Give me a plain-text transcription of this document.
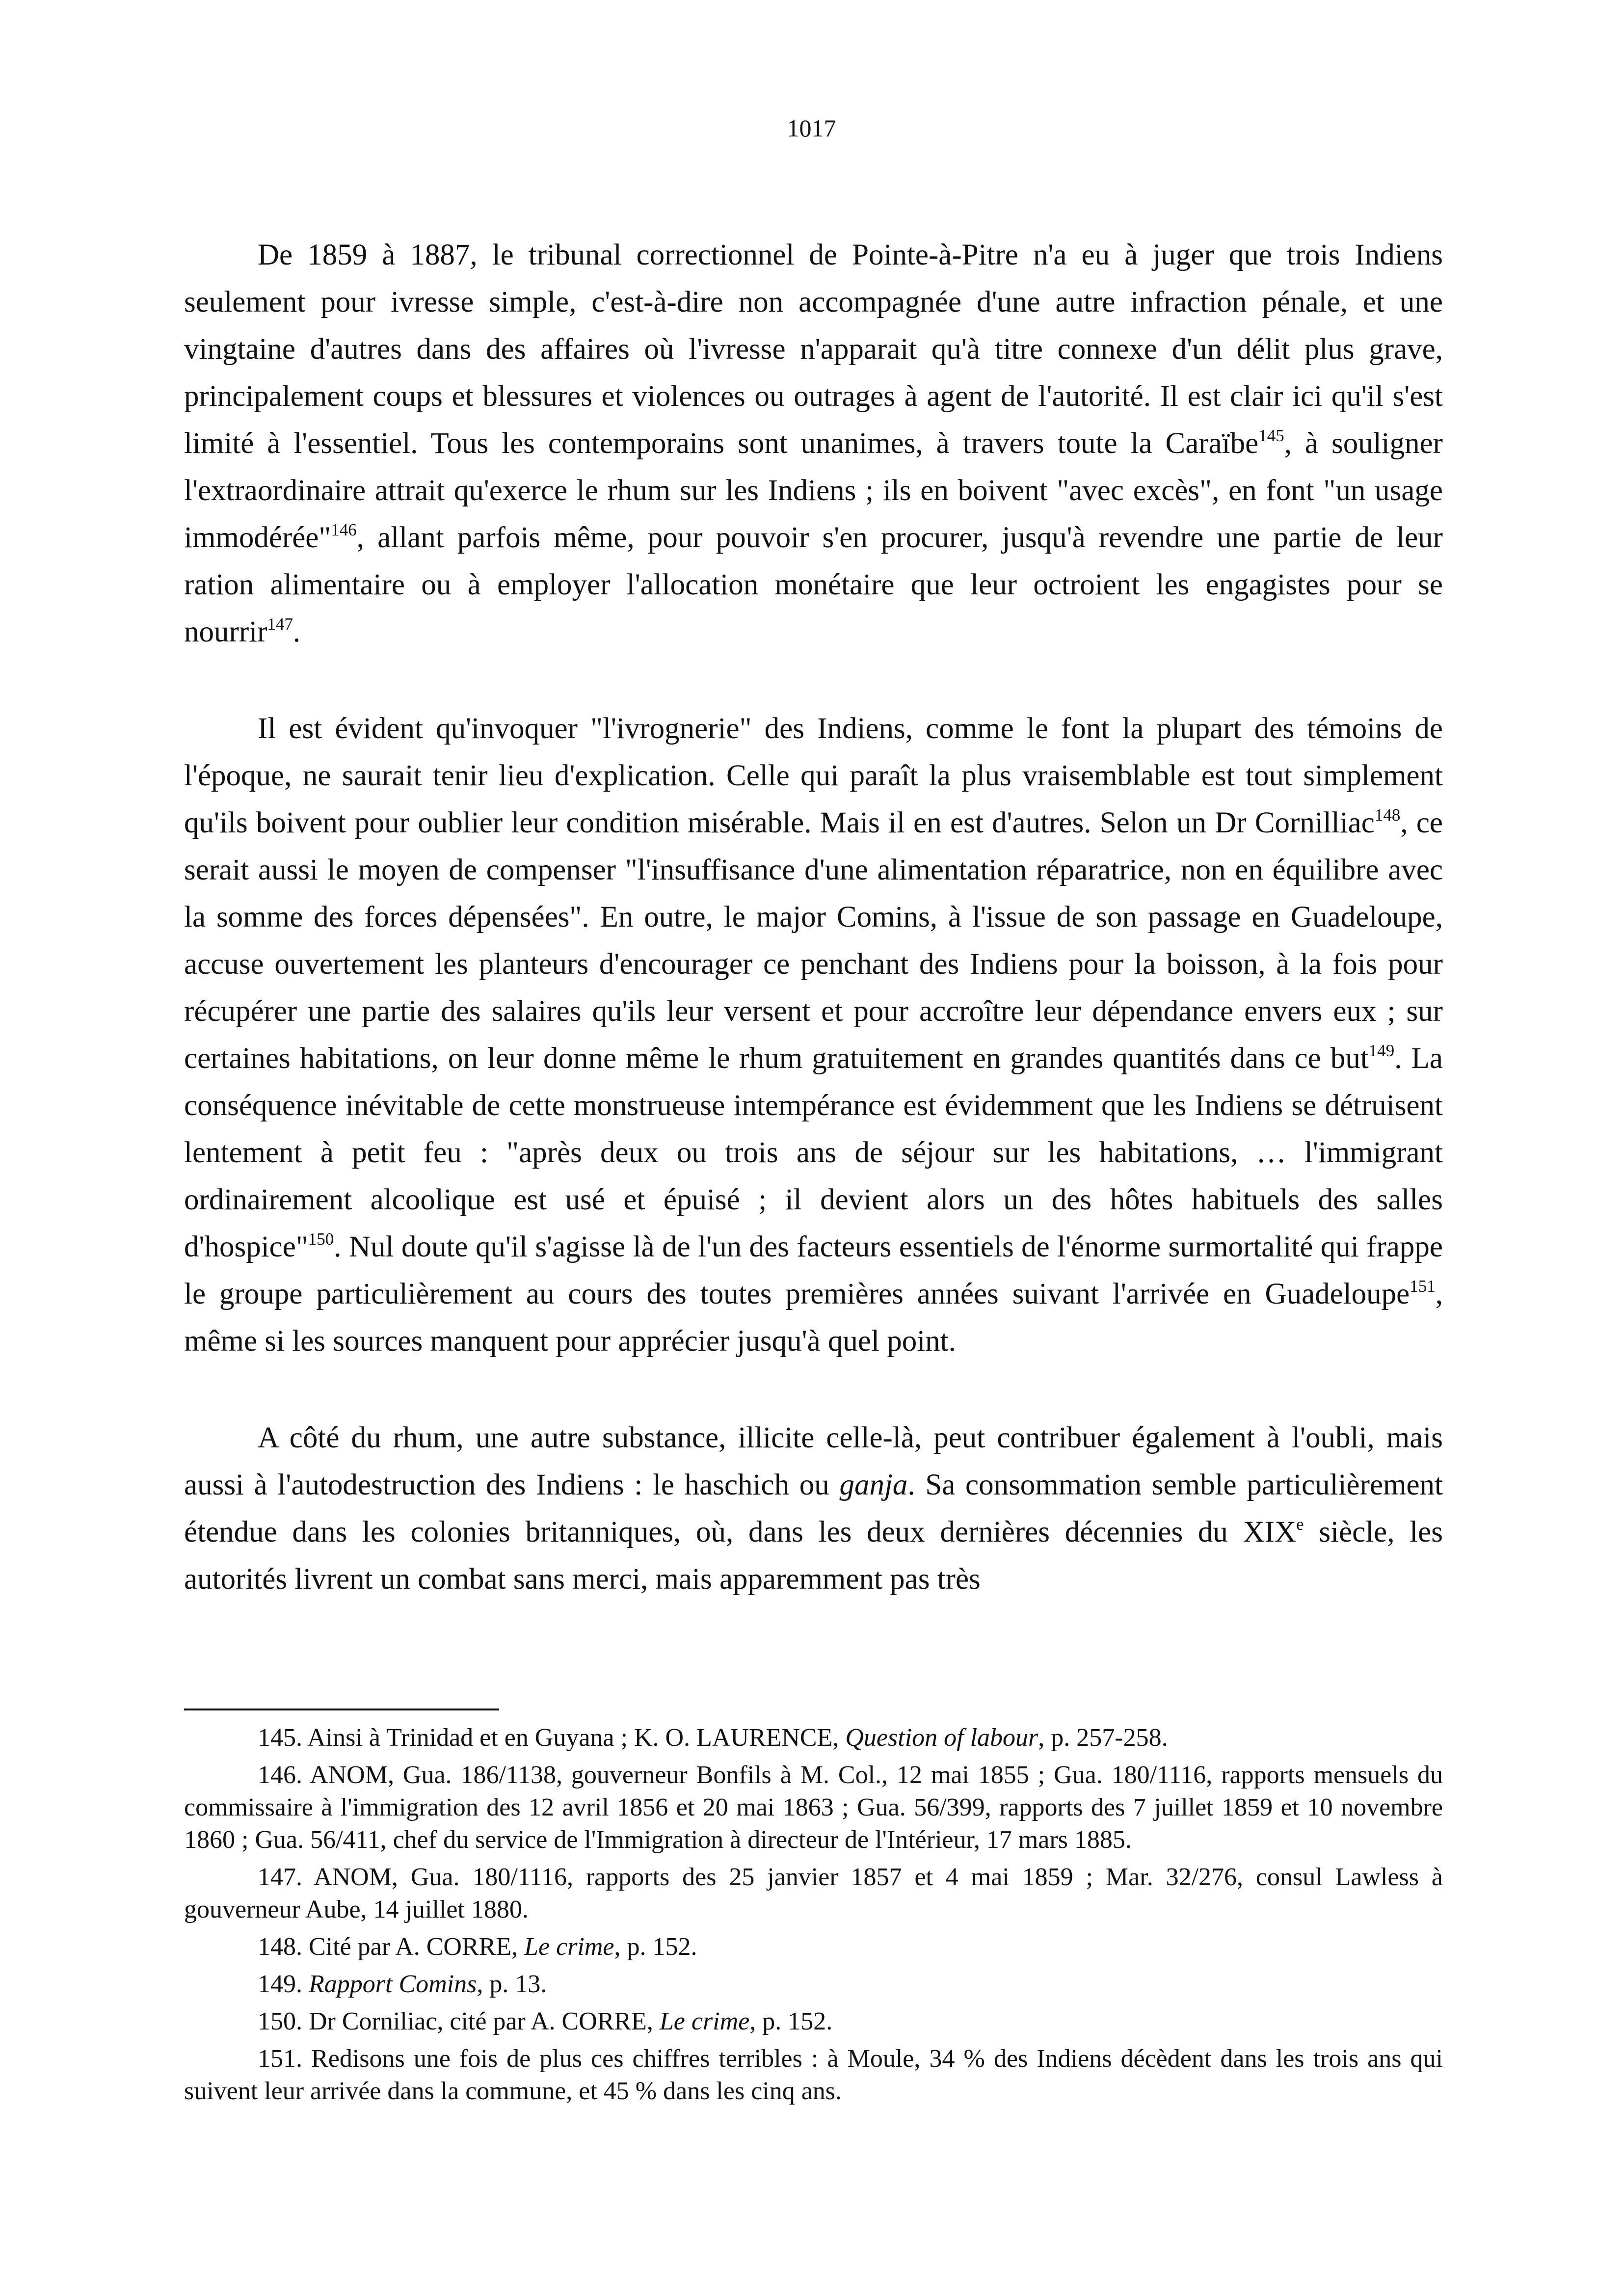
1017

De 1859 à 1887, le tribunal correctionnel de Pointe-à-Pitre n'a eu à juger que trois Indiens seulement pour ivresse simple, c'est-à-dire non accompagnée d'une autre infraction pénale, et une vingtaine d'autres dans des affaires où l'ivresse n'apparait qu'à titre connexe d'un délit plus grave, principalement coups et blessures et violences ou outrages à agent de l'autorité. Il est clair ici qu'il s'est limité à l'essentiel. Tous les contemporains sont unanimes, à travers toute la Caraïbe$^{145}$, à souligner l'extraordinaire attrait qu'exerce le rhum sur les Indiens ; ils en boivent "avec excès", en font "un usage immodérée"$^{146}$, allant parfois même, pour pouvoir s'en procurer, jusqu'à revendre une partie de leur ration alimentaire ou à employer l'allocation monétaire que leur octroient les engagistes pour se nourrir$^{147}$.

Il est évident qu'invoquer "l'ivrognerie" des Indiens, comme le font la plupart des témoins de l'époque, ne saurait tenir lieu d'explication. Celle qui paraît la plus vraisemblable est tout simplement qu'ils boivent pour oublier leur condition misérable. Mais il en est d'autres. Selon un Dr Cornilliac$^{148}$, ce serait aussi le moyen de compenser "l'insuffisance d'une alimentation réparatrice, non en équilibre avec la somme des forces dépensées". En outre, le major Comins, à l'issue de son passage en Guadeloupe, accuse ouvertement les planteurs d'encourager ce penchant des Indiens pour la boisson, à la fois pour récupérer une partie des salaires qu'ils leur versent et pour accroître leur dépendance envers eux ; sur certaines habitations, on leur donne même le rhum gratuitement en grandes quantités dans ce but$^{149}$. La conséquence inévitable de cette monstrueuse intempérance est évidemment que les Indiens se détruisent lentement à petit feu : "après deux ou trois ans de séjour sur les habitations, … l'immigrant ordinairement alcoolique est usé et épuisé ; il devient alors un des hôtes habituels des salles d'hospice"$^{150}$. Nul doute qu'il s'agisse là de l'un des facteurs essentiels de l'énorme surmortalité qui frappe le groupe particulièrement au cours des toutes premières années suivant l'arrivée en Guadeloupe$^{151}$, même si les sources manquent pour apprécier jusqu'à quel point.

A côté du rhum, une autre substance, illicite celle-là, peut contribuer également à l'oubli, mais aussi à l'autodestruction des Indiens : le haschich ou ganja. Sa consommation semble particulièrement étendue dans les colonies britanniques, où, dans les deux dernières décennies du XIXe siècle, les autorités livrent un combat sans merci, mais apparemment pas très

145. Ainsi à Trinidad et en Guyana ; K. O. LAURENCE, Question of labour, p. 257-258.

146. ANOM, Gua. 186/1138, gouverneur Bonfils à M. Col., 12 mai 1855 ; Gua. 180/1116, rapports mensuels du commissaire à l'immigration des 12 avril 1856 et 20 mai 1863 ; Gua. 56/399, rapports des 7 juillet 1859 et 10 novembre 1860 ; Gua. 56/411, chef du service de l'Immigration à directeur de l'Intérieur, 17 mars 1885.

147. ANOM, Gua. 180/1116, rapports des 25 janvier 1857 et 4 mai 1859 ; Mar. 32/276, consul Lawless à gouverneur Aube, 14 juillet 1880.

148. Cité par A. CORRE, Le crime, p. 152.

149. Rapport Comins, p. 13.

150. Dr Corniliac, cité par A. CORRE, Le crime, p. 152.

151. Redisons une fois de plus ces chiffres terribles : à Moule, 34 % des Indiens décèdent dans les trois ans qui suivent leur arrivée dans la commune, et 45 % dans les cinq ans.
